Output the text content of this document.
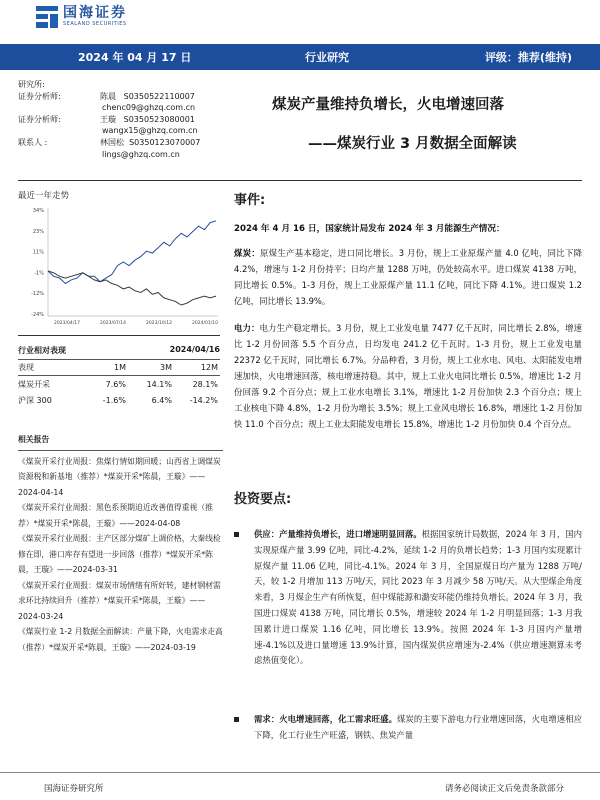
国海证券
SEALAND SECURITIES
2024 年 04 月 17 日	行业研究	评级：推荐(维持)
研究所:
证券分析师:	陈晨 S0350522110007
chenc09@ghzq.com.cn
证券分析师:	王璇 S0350523080001
wangx15@ghzq.com.cn
联系人 :	林国松 S0350123070007
lings@ghzq.com.cn
煤炭产量维持负增长，火电增速回落
——煤炭行业 3 月数据全面解读
最近一年走势
34%
23%
11%
-1%
-12%
-24%
2023/04/17	2023/07/14	2023/10/12	2024/01/10
行业相对表现	2024/04/16
表现	1M	3M	12M
煤炭开采	7.6%	14.1%	28.1%
沪深 300	-1.6%	6.4%	-14.2%
相关报告

《煤炭开采行业周报：焦煤行情如期回暖；山西省上调煤炭资源税和新基地（推荐）*煤炭开采*陈晨，王璇》——2024-04-14

《煤炭开采行业周报：黑色系预期迫近改善值得重视（推荐）*煤炭开采*陈晨，王璇》——2024-04-08

《煤炭开采行业周报：主产区部分煤矿上调价格，大秦线检修在即，港口库存有望进一步回落（推荐）*煤炭开采*陈晨，王璇》——2024-03-31

《煤炭开采行业周报：煤炭市场情绪有所好转，建材钢材需求环比持续回升（推荐）*煤炭开采*陈晨，王璇》——2024-03-24

《煤炭行业 1-2 月数据全面解读：产量下降，火电需求走高（推荐）*煤炭开采*陈晨，王璇》——2024-03-19

事件:
2024 年 4 月 16 日，国家统计局发布 2024 年 3 月能源生产情况：
煤炭：原煤生产基本稳定，进口同比增长。3 月份，规上工业原煤产量 4.0 亿吨，同比下降 4.2%，增速与 1-2 月份持平；日均产量 1288 万吨，仍处较高水平。进口煤炭 4138 万吨，同比增长 0.5%。1-3 月份，规上工业原煤产量 11.1 亿吨，同比下降 4.1%。进口煤炭 1.2 亿吨，同比增长 13.9%。
电力：电力生产稳定增长。3 月份，规上工业发电量 7477 亿千瓦时，同比增长 2.8%，增速比 1-2 月份回落 5.5 个百分点，日均发电 241.2 亿千瓦时。1-3 月份，规上工业发电量 22372 亿千瓦时，同比增长 6.7%。分品种看，3 月份，规上工业水电、风电、太阳能发电增速加快，火电增速回落，核电增速持稳。其中，规上工业火电同比增长 0.5%，增速比 1-2 月份回落 9.2 个百分点；规上工业水电增长 3.1%，增速比 1-2 月份加快 2.3 个百分点；规上工业核电下降 4.8%，1-2 月份为增长 3.5%；规上工业风电增长 16.8%，增速比 1-2 月份加快 11.0 个百分点；规上工业太阳能发电增长 15.8%，增速比 1-2 月份加快 0.4 个百分点。
投资要点:
供应：产量维持负增长，进口增速明显回落。根据国家统计局数据，2024 年 3 月，国内实现原煤产量 3.99 亿吨，同比-4.2%，延续 1-2 月的负增长趋势；1-3 月国内实现累计原煤产量 11.06 亿吨，同比-4.1%。2024 年 3 月，全国原煤日均产量为 1288 万吨/天，较 1-2 月增加 113 万吨/天，同比 2023 年 3 月减少 58 万吨/天。从大型煤企角度来看，3 月煤企生产有所恢复，但中煤能源和潞安环能仍维持负增长。2024 年 3 月，我国进口煤炭 4138 万吨，同比增长 0.5%，增速较 2024 年 1-2 月明显回落；1-3 月我国累计进口煤炭 1.16 亿吨，同比增长 13.9%。按照 2024 年 1-3 月国内产量增速-4.1%以及进口量增速 13.9%计算，国内煤炭供应增速为-2.4%（供应增速测算未考虑热值变化）。
需求：火电增速回落，化工需求旺盛。煤炭的主要下游电力行业增速回落，火电增速相应下降，化工行业生产旺盛，钢铁、焦炭产量
国海证券研究所	请务必阅读正文后免责条款部分
